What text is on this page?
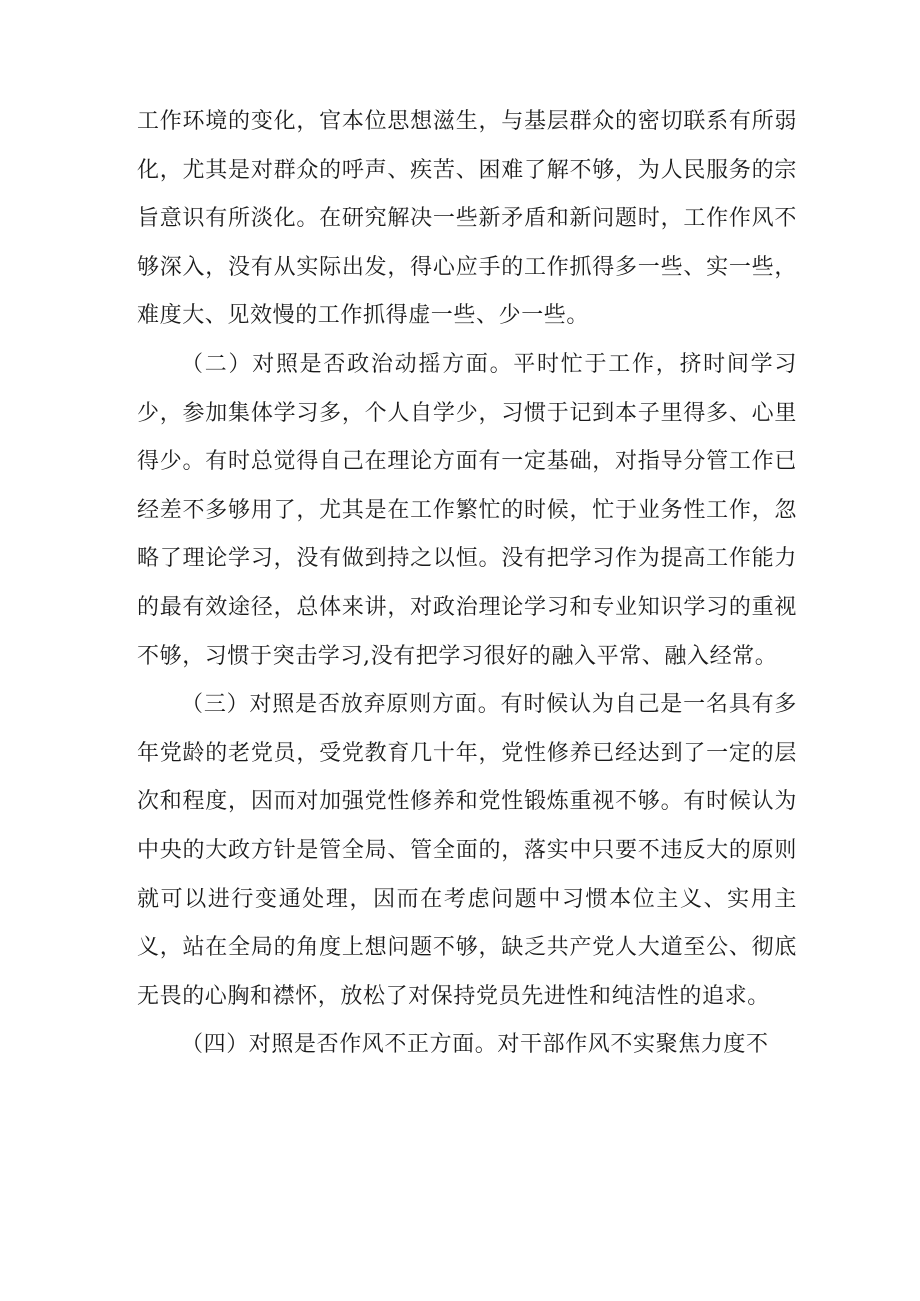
工作环境的变化，官本位思想滋生，与基层群众的密切联系有所弱化，尤其是对群众的呼声、疾苦、困难了解不够，为人民服务的宗旨意识有所淡化。在研究解决一些新矛盾和新问题时，工作作风不够深入，没有从实际出发，得心应手的工作抓得多一些、实一些，难度大、见效慢的工作抓得虚一些、少一些。

（二）对照是否政治动摇方面。平时忙于工作，挤时间学习少，参加集体学习多，个人自学少，习惯于记到本子里得多、心里得少。有时总觉得自己在理论方面有一定基础，对指导分管工作已经差不多够用了，尤其是在工作繁忙的时候，忙于业务性工作，忽略了理论学习，没有做到持之以恒。没有把学习作为提高工作能力的最有效途径，总体来讲，对政治理论学习和专业知识学习的重视不够，习惯于突击学习,没有把学习很好的融入平常、融入经常。

（三）对照是否放弃原则方面。有时候认为自己是一名具有多年党龄的老党员，受党教育几十年，党性修养已经达到了一定的层次和程度，因而对加强党性修养和党性锻炼重视不够。有时候认为中央的大政方针是管全局、管全面的，落实中只要不违反大的原则就可以进行变通处理，因而在考虑问题中习惯本位主义、实用主义，站在全局的角度上想问题不够，缺乏共产党人大道至公、彻底无畏的心胸和襟怀，放松了对保持党员先进性和纯洁性的追求。

（四）对照是否作风不正方面。对干部作风不实聚焦力度不
